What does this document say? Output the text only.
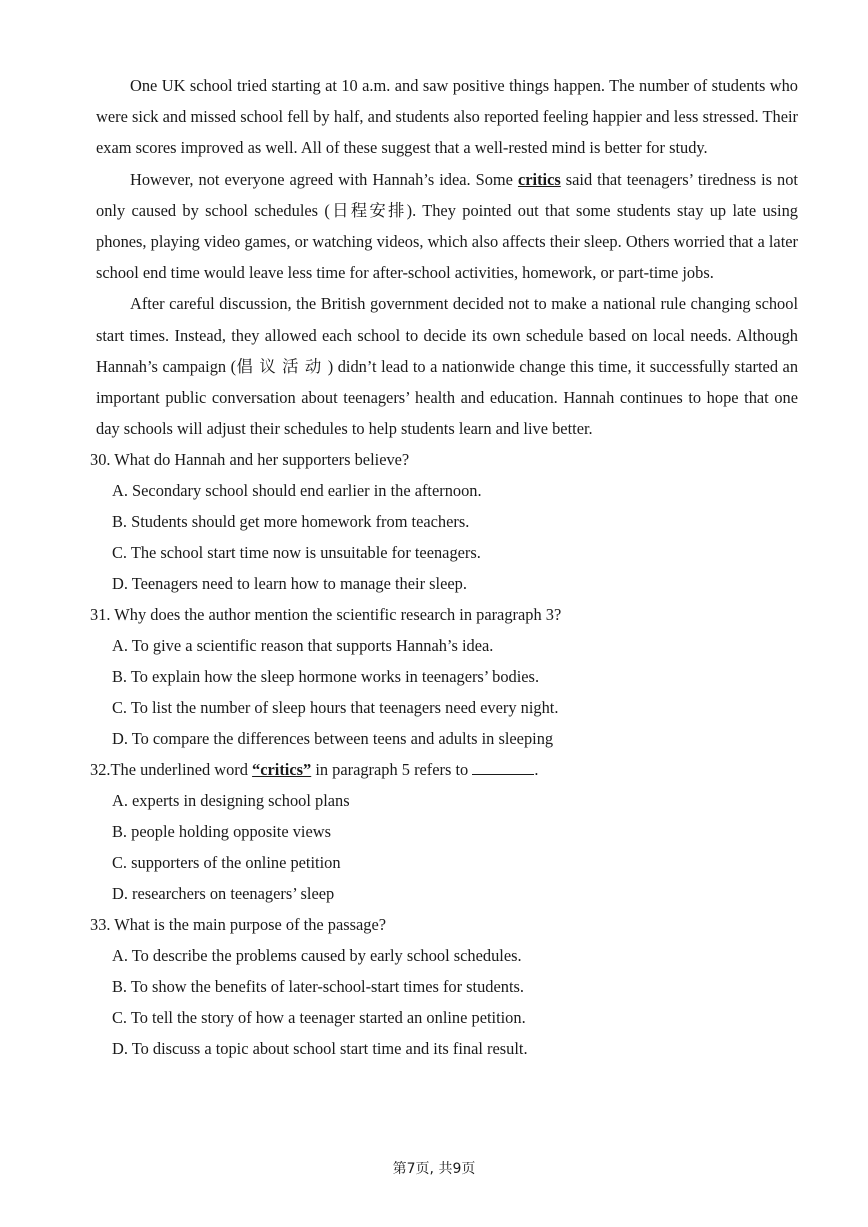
One UK school tried starting at 10 a.m. and saw positive things happen. The number of students who were sick and missed school fell by half, and students also reported feeling happier and less stressed. Their exam scores improved as well. All of these suggest that a well-rested mind is better for study.

However, not everyone agreed with Hannah’s idea. Some critics said that teenagers’ tiredness is not only caused by school schedules (日程安排). They pointed out that some students stay up late using phones, playing video games, or watching videos, which also affects their sleep. Others worried that a later school end time would leave less time for after-school activities, homework, or part-time jobs.

After careful discussion, the British government decided not to make a national rule changing school start times. Instead, they allowed each school to decide its own schedule based on local needs. Although Hannah’s campaign (倡议活动) didn’t lead to a nationwide change this time, it successfully started an important public conversation about teenagers’ health and education. Hannah continues to hope that one day schools will adjust their schedules to help students learn and live better.

30. What do Hannah and her supporters believe?
A. Secondary school should end earlier in the afternoon.
B. Students should get more homework from teachers.
C. The school start time now is unsuitable for teenagers.
D. Teenagers need to learn how to manage their sleep.
31. Why does the author mention the scientific research in paragraph 3?
A. To give a scientific reason that supports Hannah’s idea.
B. To explain how the sleep hormone works in teenagers’ bodies.
C. To list the number of sleep hours that teenagers need every night.
D. To compare the differences between teens and adults in sleeping
32.The underlined word “critics” in paragraph 5 refers to	.
A. experts in designing school plans
B. people holding opposite views
C. supporters of the online petition
D. researchers on teenagers’ sleep
33. What is the main purpose of the passage?
A. To describe the problems caused by early school schedules.
B. To show the benefits of later-school-start times for students.
C. To tell the story of how a teenager started an online petition.
D. To discuss a topic about school start time and its final result.
第7页, 共9页
